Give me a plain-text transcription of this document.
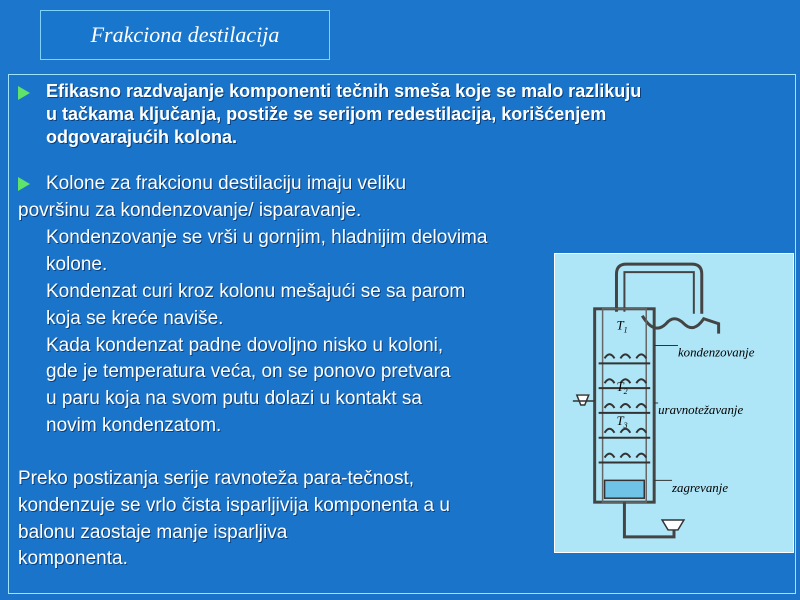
Frakciona destilacija
Efikasno razdvajanje komponenti tečnih smeša koje se malo razlikuju
u tačkama ključanja, postiže se serijom redestilacija, korišćenjem
odgovarajućih kolona.
Kolone za frakcionu destilaciju imaju veliku
površinu za kondenzovanje/ isparavanje.
Kondenzovanje se vrši u gornjim, hladnijim delovima
kolone.
Kondenzat curi kroz kolonu mešajući se sa parom
koja se kreće naviše.
Kada kondenzat padne dovoljno nisko u koloni,
gde je temperatura veća, on se ponovo pretvara
u paru koja na svom putu dolazi u kontakt sa
novim kondenzatom.
Preko postizanja serije ravnoteža para-tečnost,
kondenzuje se vrlo čista isparljivija komponenta a u
balonu zaostaje manje isparljiva
komponenta.
$T_1$
$T_2$
$T_3$
kondenzovanje
uravnotežavanje
zagrevanje
